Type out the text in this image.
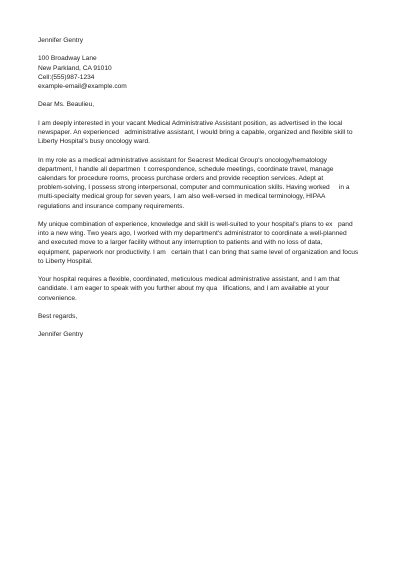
Jennifer Gentry
100 Broadway Lane
New Parkland, CA 91010
Cell:(555)987-1234
example-email@example.com
Dear Ms. Beaulieu,
I am deeply interested in your vacant Medical Administrative Assistant position, as advertised in the local
newspaper. An experienced   administrative assistant, I would bring a capable, organized and flexible skill to
Liberty Hospital's busy oncology ward.
In my role as a medical administrative assistant for Seacrest Medical Group's oncology/hematology
department, I handle all departmen  t correspondence, schedule meetings, coordinate travel, manage
calendars for procedure rooms, process purchase orders and provide reception services. Adept at
problem-solving, I possess strong interpersonal, computer and communication skills. Having worked     in a
multi-specialty medical group for seven years, I am also well-versed in medical terminology, HIPAA
regulations and insurance company requirements.
My unique combination of experience, knowledge and skill is well-suited to your hospital's plans to ex   pand
into a new wing. Two years ago, I worked with my department's administrator to coordinate a well-planned
and executed move to a larger facility without any interruption to patients and with no loss of data,
equipment, paperwork nor productivity. I am   certain that I can bring that same level of organization and focus
to Liberty Hospital.
Your hospital requires a flexible, coordinated, meticulous medical administrative assistant, and I am that
candidate. I am eager to speak with you further about my qua   lifications, and I am available at your
convenience.
Best regards,
Jennifer Gentry
